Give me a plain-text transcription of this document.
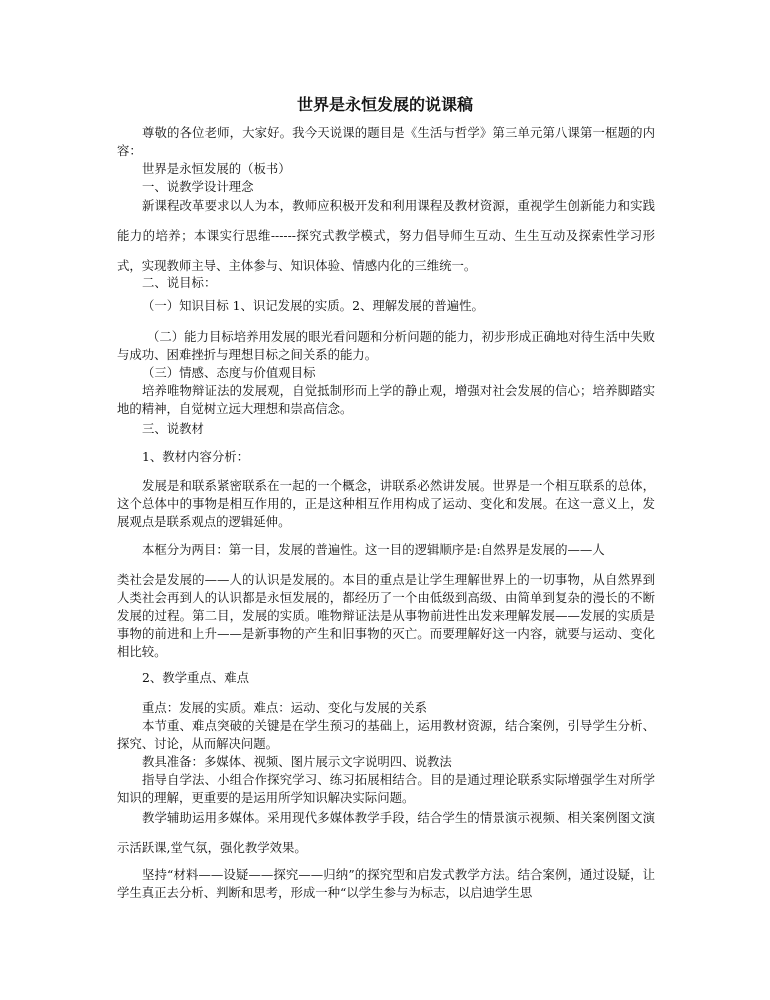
世界是永恒发展的说课稿
尊敬的各位老师，大家好。我今天说课的题目是《生活与哲学》第三单元第八课第一框题的内容：
世界是永恒发展的（板书）
一、说教学设计理念
新课程改革要求以人为本，教师应积极开发和利用课程及教材资源，重视学生创新能力和实践能力的培养；本课实行思维------探究式教学模式，努力倡导师生互动、生生互动及探索性学习形式，实现教师主导、主体参与、知识体验、情感内化的三维统一。
二、说目标：
（一）知识目标 1、识记发展的实质。2、理解发展的普遍性。
（二）能力目标培养用发展的眼光看问题和分析问题的能力，初步形成正确地对待生活中失败与成功、困难挫折与理想目标之间关系的能力。
（三）情感、态度与价值观目标
培养唯物辩证法的发展观，自觉抵制形而上学的静止观，增强对社会发展的信心；培养脚踏实地的精神，自觉树立远大理想和崇高信念。
三、说教材
1、教材内容分析：
发展是和联系紧密联系在一起的一个概念，讲联系必然讲发展。世界是一个相互联系的总体，这个总体中的事物是相互作用的，正是这种相互作用构成了运动、变化和发展。在这一意义上，发展观点是联系观点的逻辑延伸。
本框分为两目：第一目，发展的普遍性。这一目的逻辑顺序是:自然界是发展的——人
类社会是发展的——人的认识是发展的。本目的重点是让学生理解世界上的一切事物，从自然界到人类社会再到人的认识都是永恒发展的，都经历了一个由低级到高级、由简单到复杂的漫长的不断发展的过程。第二目，发展的实质。唯物辩证法是从事物前进性出发来理解发展——发展的实质是事物的前进和上升——是新事物的产生和旧事物的灭亡。而要理解好这一内容，就要与运动、变化相比较。
2、教学重点、难点
重点：发展的实质。难点：运动、变化与发展的关系
本节重、难点突破的关键是在学生预习的基础上，运用教材资源，结合案例，引导学生分析、探究、讨论，从而解决问题。
教具准备：多媒体、视频、图片展示文字说明四、说教法
指导自学法、小组合作探究学习、练习拓展相结合。目的是通过理论联系实际增强学生对所学知识的理解，更重要的是运用所学知识解决实际问题。
教学辅助运用多媒体。采用现代多媒体教学手段，结合学生的情景演示视频、相关案例图文演示活跃课,堂气氛，强化教学效果。
坚持“材料——设疑——探究——归纳”的探究型和启发式教学方法。结合案例，通过设疑，让学生真正去分析、判断和思考，形成一种“以学生参与为标志，以启迪学生思
